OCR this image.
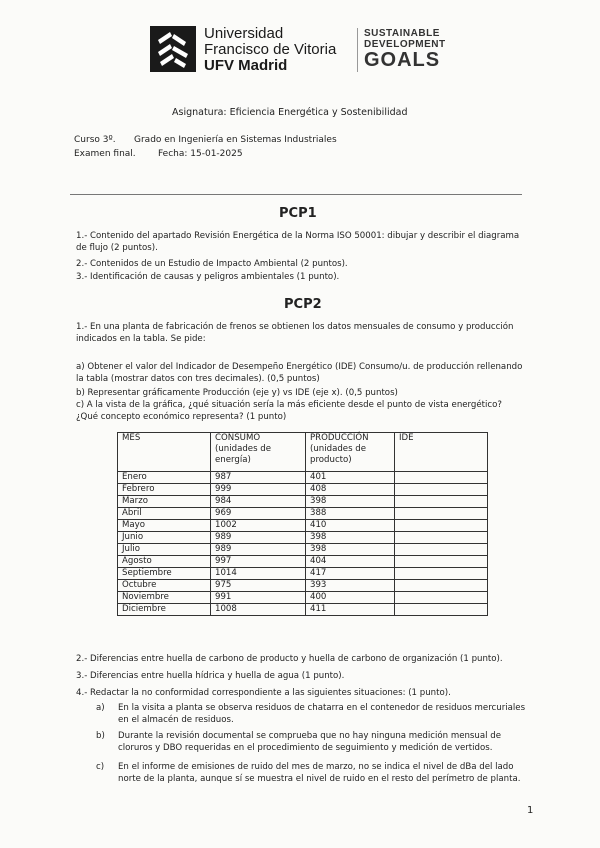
Universidad
Francisco de Vitoria
UFV Madrid
SUSTAINABLE
DEVELOPMENT
GOALS
Asignatura: Eficiencia Energética y Sostenibilidad
Curso 3º. Grado en Ingeniería en Sistemas Industriales
Examen final. Fecha: 15-01-2025
PCP1
1.- Contenido del apartado Revisión Energética de la Norma ISO 50001: dibujar y describir el diagrama de flujo (2 puntos).
2.- Contenidos de un Estudio de Impacto Ambiental (2 puntos).
3.- Identificación de causas y peligros ambientales (1 punto).
PCP2
1.- En una planta de fabricación de frenos se obtienen los datos mensuales de consumo y producción indicados en la tabla. Se pide:
a) Obtener el valor del Indicador de Desempeño Energético (IDE) Consumo/u. de producción rellenando la tabla (mostrar datos con tres decimales). (0,5 puntos)
b) Representar gráficamente Producción (eje y) vs IDE (eje x). (0,5 puntos)
c) A la vista de la gráfica, ¿qué situación sería la más eficiente desde el punto de vista energético? ¿Qué concepto económico representa? (1 punto)
MES	CONSUMO (unidades de energía)	PRODUCCIÓN (unidades de producto)	IDE
Enero	987	401	
Febrero	999	408	
Marzo	984	398	
Abril	969	388	
Mayo	1002	410	
Junio	989	398	
Julio	989	398	
Agosto	997	404	
Septiembre	1014	417	
Octubre	975	393	
Noviembre	991	400	
Diciembre	1008	411	
2.- Diferencias entre huella de carbono de producto y huella de carbono de organización (1 punto).
3.- Diferencias entre huella hídrica y huella de agua (1 punto).
4.- Redactar la no conformidad correspondiente a las siguientes situaciones: (1 punto).
a) En la visita a planta se observa residuos de chatarra en el contenedor de residuos mercuriales en el almacén de residuos.
b) Durante la revisión documental se comprueba que no hay ninguna medición mensual de cloruros y DBO requeridas en el procedimiento de seguimiento y medición de vertidos.
c) En el informe de emisiones de ruido del mes de marzo, no se indica el nivel de dBa del lado norte de la planta, aunque sí se muestra el nivel de ruido en el resto del perímetro de planta.
1
